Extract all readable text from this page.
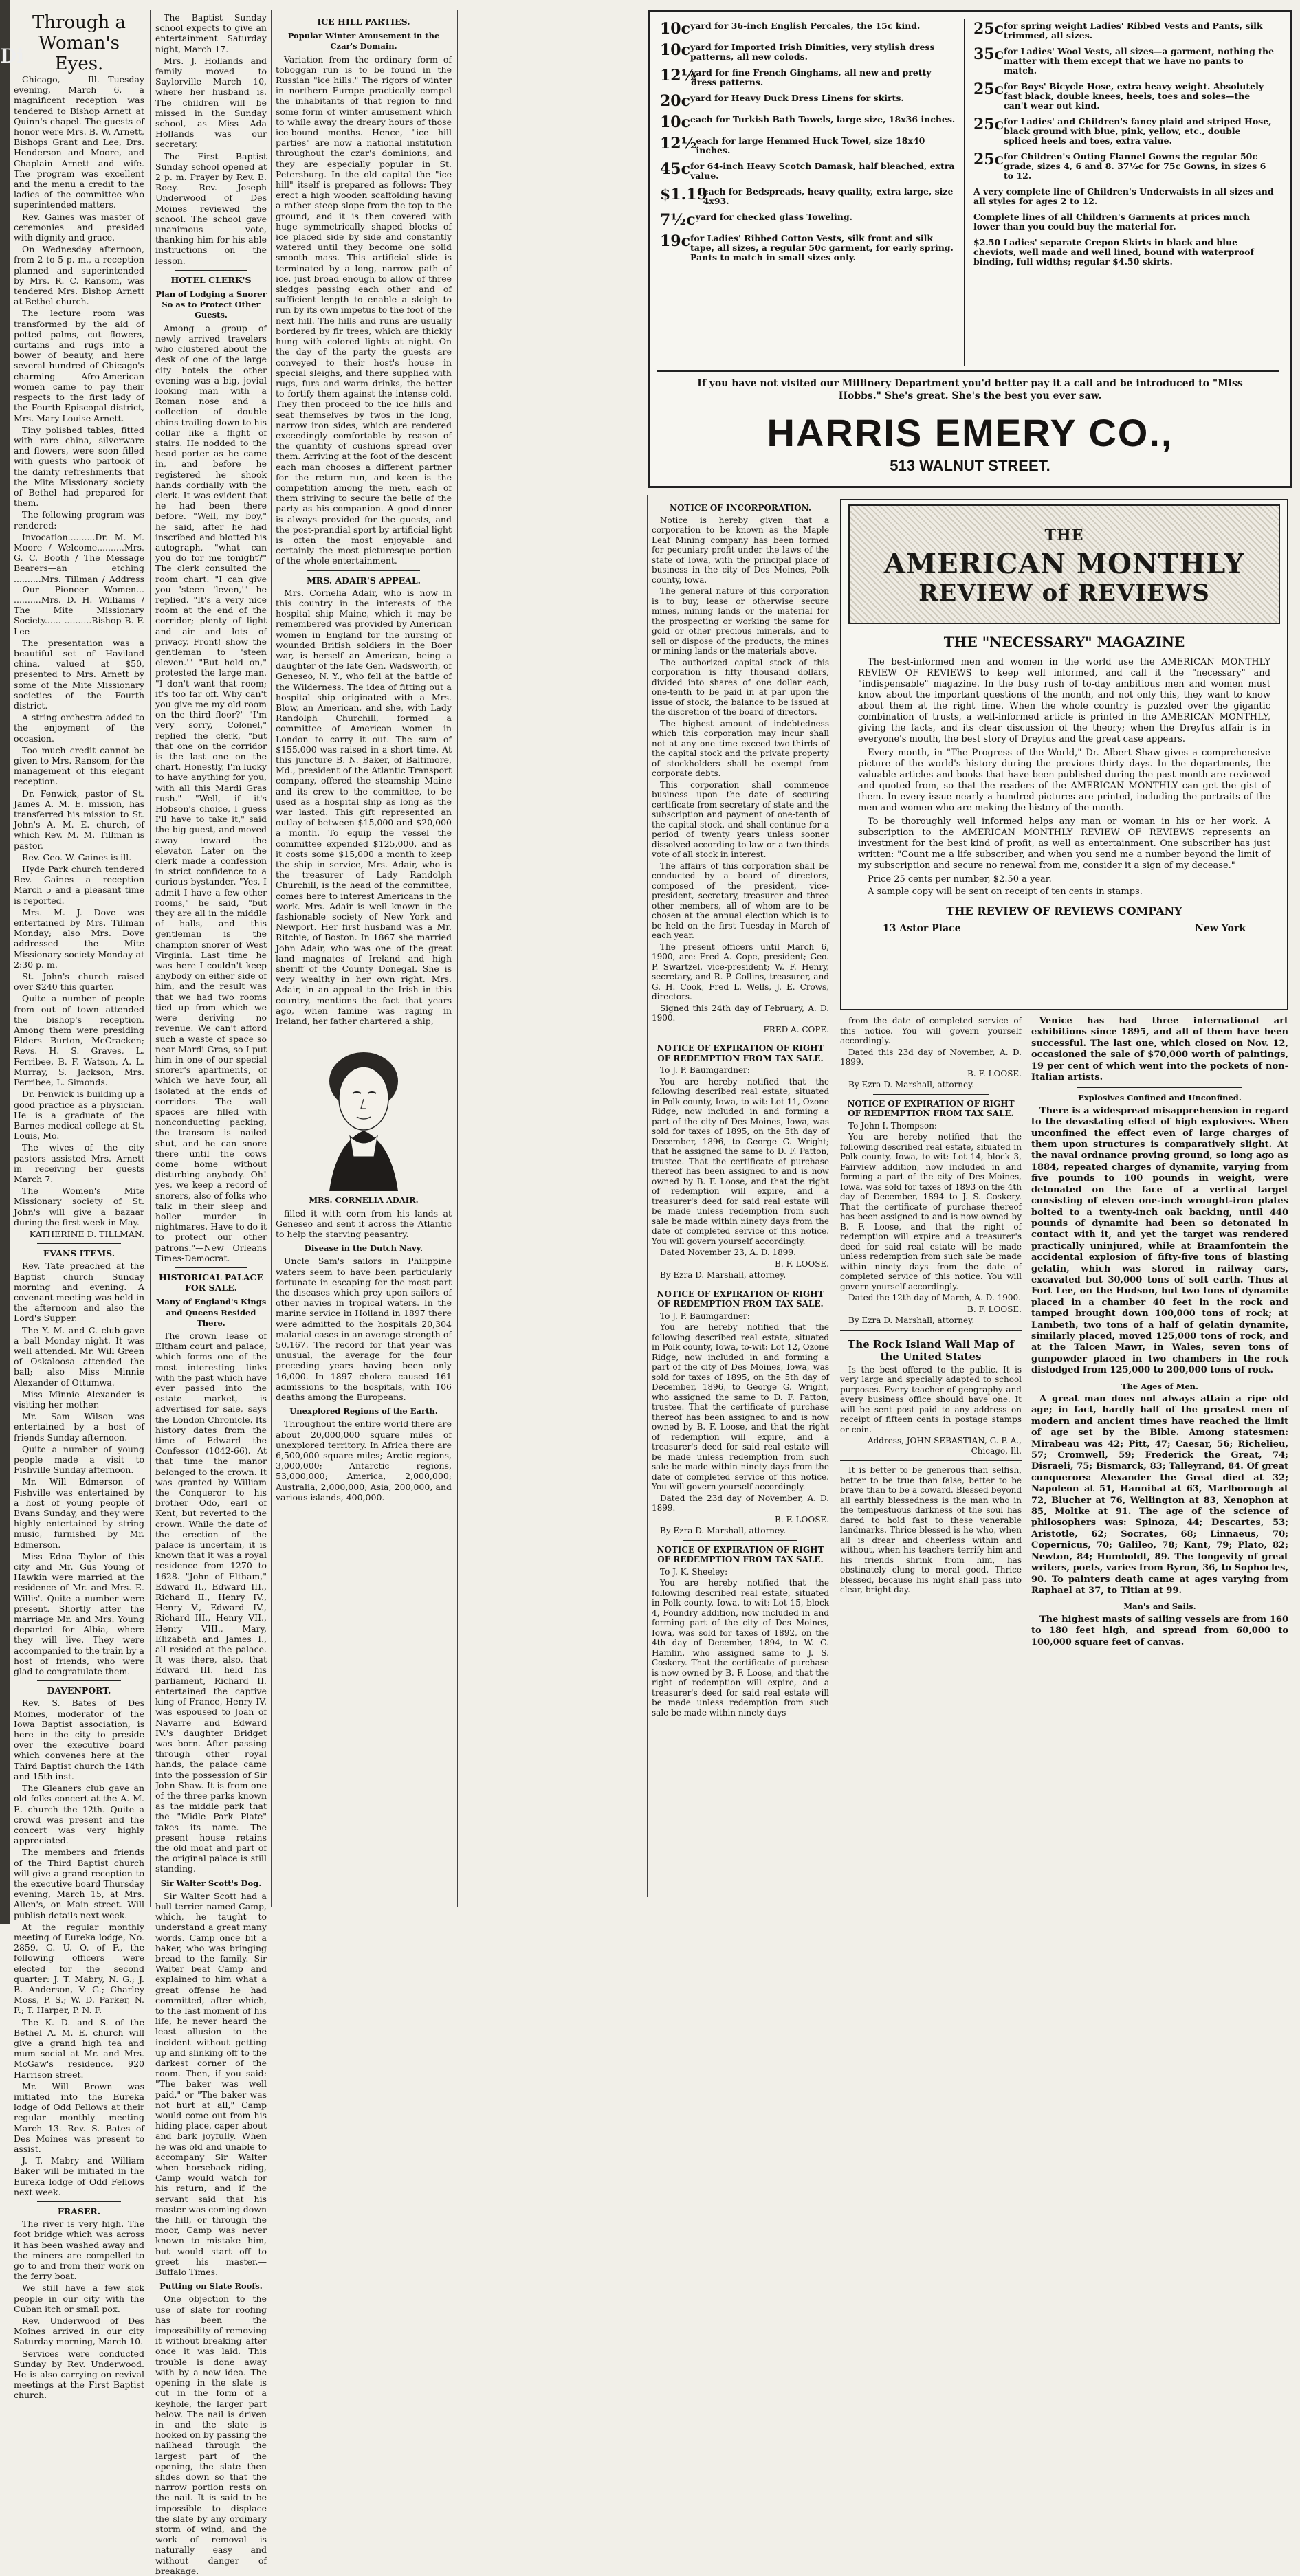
Di
Through a Woman's Eyes.

Chicago, Ill.—Tuesday evening, March 6, a magnificent reception was tendered to Bishop Arnett at Quinn's chapel. The guests of honor were Mrs. B. W. Arnett, Bishops Grant and Lee, Drs. Henderson and Moore, and Chaplain Arnett and wife. The program was excellent and the menu a credit to the ladies of the committee who superintended matters.

Rev. Gaines was master of ceremonies and presided with dignity and grace.

On Wednesday afternoon, from 2 to 5 p. m., a reception planned and superintended by Mrs. R. C. Ransom, was tendered Mrs. Bishop Arnett at Bethel church.

The lecture room was transformed by the aid of potted palms, cut flowers, curtains and rugs into a bower of beauty, and here several hundred of Chicago's charming Afro-American women came to pay their respects to the first lady of the Fourth Episcopal district, Mrs. Mary Louise Arnett.

Tiny polished tables, fitted with rare china, silverware and flowers, were soon filled with guests who partook of the dainty refreshments that the Mite Missionary society of Bethel had prepared for them.

The following program was rendered:

Invocation..........Dr. M. M. Moore / Welcome..........Mrs. G. C. Booth / The Message Bearers—an etching ..........Mrs. Tillman / Address—Our Pioneer Women... ..........Mrs. D. H. Williams / The Mite Missionary Society...... ..........Bishop B. F. Lee

The presentation was a beautiful set of Haviland china, valued at $50, presented to Mrs. Arnett by some of the Mite Missionary societies of the Fourth district.

A string orchestra added to the enjoyment of the occasion.

Too much credit cannot be given to Mrs. Ransom, for the management of this elegant reception.

Dr. Fenwick, pastor of St. James A. M. E. mission, has transferred his mission to St. John's A. M. E. church, of which Rev. M. M. Tillman is pastor.

Rev. Geo. W. Gaines is ill.

Hyde Park church tendered Rev. Gaines a reception March 5 and a pleasant time is reported.

Mrs. M. J. Dove was entertained by Mrs. Tillman Monday; also Mrs. Dove addressed the Mite Missionary society Monday at 2:30 p. m.

St. John's church raised over $240 this quarter.

Quite a number of people from out of town attended the bishop's reception. Among them were presiding Elders Burton, McCracken; Revs. H. S. Graves, L. Ferribee, B. F. Watson, A. L. Murray, S. Jackson, Mrs. Ferribee, L. Simonds.

Dr. Fenwick is building up a good practice as a physician. He is a graduate of the Barnes medical college at St. Louis, Mo.

The wives of the city pastors assisted Mrs. Arnett in receiving her guests March 7.

The Women's Mite Missionary society of St. John's will give a bazaar during the first week in May.

KATHERINE D. TILLMAN.

EVANS ITEMS.

Rev. Tate preached at the Baptist church Sunday morning and evening. A covenant meeting was held in the afternoon and also the Lord's Supper.

The Y. M. and C. club gave a ball Monday night. It was well attended. Mr. Will Green of Oskaloosa attended the ball; also Miss Minnie Alexander of Ottumwa.

Miss Minnie Alexander is visiting her mother.

Mr. Sam Wilson was entertained by a host of friends Sunday afternoon.

Quite a number of young people made a visit to Fishville Sunday afternoon.

Mr. Will Edmerson of Fishville was entertained by a host of young people of Evans Sunday, and they were highly entertained by string music, furnished by Mr. Edmerson.

Miss Edna Taylor of this city and Mr. Gus Young of Hawkin were married at the residence of Mr. and Mrs. E. Willis'. Quite a number were present. Shortly after the marriage Mr. and Mrs. Young departed for Albia, where they will live. They were accompanied to the train by a host of friends, who were glad to congratulate them.

DAVENPORT.

Rev. S. Bates of Des Moines, moderator of the Iowa Baptist association, is here in the city to preside over the executive board which convenes here at the Third Baptist church the 14th and 15th inst.

The Gleaners club gave an old folks concert at the A. M. E. church the 12th. Quite a crowd was present and the concert was very highly appreciated.

The members and friends of the Third Baptist church will give a grand reception to the executive board Thursday evening, March 15, at Mrs. Allen's, on Main street. Will publish details next week.

At the regular monthly meeting of Eureka lodge, No. 2859, G. U. O. of F., the following officers were elected for the second quarter: J. T. Mabry, N. G.; J. B. Anderson, V. G.; Charley Moss, P. S.; W. D. Parker, N. F.; T. Harper, P. N. F.

The K. D. and S. of the Bethel A. M. E. church will give a grand high tea and mum social at Mr. and Mrs. McGaw's residence, 920 Harrison street.

Mr. Will Brown was initiated into the Eureka lodge of Odd Fellows at their regular monthly meeting March 13. Rev. S. Bates of Des Moines was present to assist.

J. T. Mabry and William Baker will be initiated in the Eureka lodge of Odd Fellows next week.

FRASER.

The river is very high. The foot bridge which was across it has been washed away and the miners are compelled to go to and from their work on the ferry boat.

We still have a few sick people in our city with the Cuban itch or small pox.

Rev. Underwood of Des Moines arrived in our city Saturday morning, March 10.

Services were conducted Sunday by Rev. Underwood. He is also carrying on revival meetings at the First Baptist church.

The Baptist Sunday school expects to give an entertainment Saturday night, March 17.

Mrs. J. Hollands and family moved to Saylorville March 10, where her husband is. The children will be missed in the Sunday school, as Miss Ada Hollands was our secretary.

The First Baptist Sunday school opened at 2 p. m. Prayer by Rev. E. Roey. Rev. Joseph Underwood of Des Moines reviewed the school. The school gave unanimous vote, thanking him for his able instructions on the lesson.

HOTEL CLERK'S
Plan of Lodging a Snorer So as to Protect Other Guests.

Among a group of newly arrived travelers who clustered about the desk of one of the large city hotels the other evening was a big, jovial looking man with a Roman nose and a collection of double chins trailing down to his collar like a flight of stairs. He nodded to the head porter as he came in, and before he registered he shook hands cordially with the clerk. It was evident that he had been there before. "Well, my boy," he said, after he had inscribed and blotted his autograph, "what can you do for me tonight?" The clerk consulted the room chart. "I can give you 'steen 'leven,'" he replied. "It's a very nice room at the end of the corridor; plenty of light and air and lots of privacy. Front! show the gentleman to 'steen eleven.'" "But hold on," protested the large man. "I don't want that room; it's too far off. Why can't you give me my old room on the third floor?" "I'm very sorry, Colonel," replied the clerk, "but that one on the corridor is the last one on the chart. Honestly, I'm lucky to have anything for you, with all this Mardi Gras rush." "Well, if it's Hobson's choice, I guess I'll have to take it," said the big guest, and moved away toward the elevator. Later on the clerk made a confession in strict confidence to a curious bystander. "Yes, I admit I have a few other rooms," he said, "but they are all in the middle of halls, and this gentleman is the champion snorer of West Virginia. Last time he was here I couldn't keep anybody on either side of him, and the result was that we had two rooms tied up from which we were deriving no revenue. We can't afford such a waste of space so near Mardi Gras, so I put him in one of our special snorer's apartments, of which we have four, all isolated at the ends of corridors. The wall spaces are filled with nonconducting packing, the transom is nailed shut, and he can snore there until the cows come home without disturbing anybody. Oh! yes, we keep a record of snorers, also of folks who talk in their sleep and holler murder in nightmares. Have to do it to protect our other patrons."—New Orleans Times-Democrat.

HISTORICAL PALACE FOR SALE.
Many of England's Kings and Queens Resided There.

The crown lease of Eltham court and palace, which forms one of the most interesting links with the past which have ever passed into the estate market, is advertised for sale, says the London Chronicle. Its history dates from the time of Edward the Confessor (1042-66). At that time the manor belonged to the crown. It was granted by William the Conqueror to his brother Odo, earl of Kent, but reverted to the crown. While the date of the erection of the palace is uncertain, it is known that it was a royal residence from 1270 to 1628. "John of Eltham," Edward II., Edward III., Richard II., Henry IV., Henry V., Edward IV., Richard III., Henry VII., Henry VIII., Mary, Elizabeth and James I., all resided at the palace. It was there, also, that Edward III. held his parliament, Richard II. entertained the captive king of France, Henry IV. was espoused to Joan of Navarre and Edward IV.'s daughter Bridget was born. After passing through other royal hands, the palace came into the possession of Sir John Shaw. It is from one of the three parks known as the middle park that the "Midle Park Plate" takes its name. The present house retains the old moat and part of the original palace is still standing.

Sir Walter Scott's Dog.

Sir Walter Scott had a bull terrier named Camp, which, he taught to understand a great many words. Camp once bit a baker, who was bringing bread to the family. Sir Walter beat Camp and explained to him what a great offense he had committed, after which, to the last moment of his life, he never heard the least allusion to the incident without getting up and slinking off to the darkest corner of the room. Then, if you said: "The baker was well paid," or "The baker was not hurt at all," Camp would come out from his hiding place, caper about and bark joyfully. When he was old and unable to accompany Sir Walter when horseback riding, Camp would watch for his return, and if the servant said that his master was coming down the hill, or through the moor, Camp was never known to mistake him, but would start off to greet his master.—Buffalo Times.

Putting on Slate Roofs.

One objection to the use of slate for roofing has been the impossibility of removing it without breaking after once it was laid. This trouble is done away with by a new idea. The opening in the slate is cut in the form of a keyhole, the larger part below. The nail is driven in and the slate is hooked on by passing the nailhead through the largest part of the opening, the slate then slides down so that the narrow portion rests on the nail. It is said to be impossible to displace the slate by any ordinary storm of wind, and the work of removal is naturally easy and without danger of breakage.

ICE HILL PARTIES.
Popular Winter Amusement in the Czar's Domain.

Variation from the ordinary form of toboggan run is to be found in the Russian "ice hills." The rigors of winter in northern Europe practically compel the inhabitants of that region to find some form of winter amusement which to while away the dreary hours of those ice-bound months. Hence, "ice hill parties" are now a national institution throughout the czar's dominions, and they are especially popular in St. Petersburg. In the old capital the "ice hill" itself is prepared as follows: They erect a high wooden scaffolding having a rather steep slope from the top to the ground, and it is then covered with huge symmetrically shaped blocks of ice placed side by side and constantly watered until they become one solid smooth mass. This artificial slide is terminated by a long, narrow path of ice, just broad enough to allow of three sledges passing each other and of sufficient length to enable a sleigh to run by its own impetus to the foot of the next hill. The hills and runs are usually bordered by fir trees, which are thickly hung with colored lights at night. On the day of the party the guests are conveyed to their host's house in special sleighs, and there supplied with rugs, furs and warm drinks, the better to fortify them against the intense cold. They then proceed to the ice hills and seat themselves by twos in the long, narrow iron sides, which are rendered exceedingly comfortable by reason of the quantity of cushions spread over them. Arriving at the foot of the descent each man chooses a different partner for the return run, and keen is the competition among the men, each of them striving to secure the belle of the party as his companion. A good dinner is always provided for the guests, and the post-prandial sport by artificial light is often the most enjoyable and certainly the most picturesque portion of the whole entertainment.

MRS. ADAIR'S APPEAL.

Mrs. Cornelia Adair, who is now in this country in the interests of the hospital ship Maine, which it may be remembered was provided by American women in England for the nursing of wounded British soldiers in the Boer war, is herself an American, being a daughter of the late Gen. Wadsworth, of Geneseo, N. Y., who fell at the battle of the Wilderness. The idea of fitting out a hospital ship originated with a Mrs. Blow, an American, and she, with Lady Randolph Churchill, formed a committee of American women in London to carry it out. The sum of $155,000 was raised in a short time. At this juncture B. N. Baker, of Baltimore, Md., president of the Atlantic Transport company, offered the steamship Maine and its crew to the committee, to be used as a hospital ship as long as the war lasted. This gift represented an outlay of between $15,000 and $20,000 a month. To equip the vessel the committee expended $125,000, and as it costs some $15,000 a month to keep the ship in service, Mrs. Adair, who is the treasurer of Lady Randolph Churchill, is the head of the committee, comes here to interest Americans in the work. Mrs. Adair is well known in the fashionable society of New York and Newport. Her first husband was a Mr. Ritchie, of Boston. In 1867 she married John Adair, who was one of the great land magnates of Ireland and high sheriff of the County Donegal. She is very wealthy in her own right. Mrs. Adair, in an appeal to the Irish in this country, mentions the fact that years ago, when famine was raging in Ireland, her father chartered a ship,

MRS. CORNELIA ADAIR.

filled it with corn from his lands at Geneseo and sent it across the Atlantic to help the starving peasantry.

Disease in the Dutch Navy.

Uncle Sam's sailors in Philippine waters seem to have been particularly fortunate in escaping for the most part the diseases which prey upon sailors of other navies in tropical waters. In the marine service in Holland in 1897 there were admitted to the hospitals 20,304 malarial cases in an average strength of 50,167. The record for that year was unusual, the average for the four preceding years having been only 16,000. In 1897 cholera caused 161 admissions to the hospitals, with 106 deaths among the Europeans.

Unexplored Regions of the Earth.

Throughout the entire world there are about 20,000,000 square miles of unexplored territory. In Africa there are 6,500,000 square miles; Arctic regions, 3,000,000; Antarctic regions, 53,000,000; America, 2,000,000; Australia, 2,000,000; Asia, 200,000, and various islands, 400,000.

10c yard for 36-inch English Percales, the 15c kind.
10c yard for Imported Irish Dimities, very stylish dress patterns, all new colods.
12½
yard for fine French Ginghams, all new and pretty dress patterns.
20c yard for Heavy Duck Dress Linens for skirts.
10c each for Turkish Bath Towels, large size, 18x36 inches.
12½
each for large Hemmed Huck Towel, size 18x40 inches.
45c for 64-inch Heavy Scotch Damask, half bleached, extra value.
$1.19
each for Bedspreads, heavy quality, extra large, size 4x93.
7½c yard for checked glass Toweling.
19c for Ladies' Ribbed Cotton Vests, silk front and silk tape, all sizes, a regular 50c garment, for early spring. Pants to match in small sizes only.
25c for spring weight Ladies' Ribbed Vests and Pants, silk trimmed, all sizes.
35c for Ladies' Wool Vests, all sizes—a garment, nothing the matter with them except that we have no pants to match.
25c for Boys' Bicycle Hose, extra heavy weight. Absolutely fast black, double knees, heels, toes and soles—the can't wear out kind.
25c for Ladies' and Children's fancy plaid and striped Hose, black ground with blue, pink, yellow, etc., double spliced heels and toes, extra value.
25c for Children's Outing Flannel Gowns the regular 50c grade, sizes 4, 6 and 8. 37½c for 75c Gowns, in sizes 6 to 12.
A very complete line of Children's Underwaists in all sizes and all styles for ages 2 to 12.
Complete lines of all Children's Garments at prices much lower than you could buy the material for.
$2.50 Ladies' separate Crepon Skirts in black and blue cheviots, well made and well lined, bound with waterproof binding, full widths; regular $4.50 skirts.
If you have not visited our Millinery Department you'd better pay it a call and be introduced to "Miss Hobbs." She's great. She's the best you ever saw.
HARRIS EMERY CO.,
513 WALNUT STREET.
NOTICE OF INCORPORATION.

Notice is hereby given that a corporation to be known as the Maple Leaf Mining company has been formed for pecuniary profit under the laws of the state of Iowa, with the principal place of business in the city of Des Moines, Polk county, Iowa.

The general nature of this corporation is to buy, lease or otherwise secure mines, mining lands or the material for the prospecting or working the same for gold or other precious minerals, and to sell or dispose of the products, the mines or mining lands or the materials above.

The authorized capital stock of this corporation is fifty thousand dollars, divided into shares of one dollar each, one-tenth to be paid in at par upon the issue of stock, the balance to be issued at the discretion of the board of directors.

The highest amount of indebtedness which this corporation may incur shall not at any one time exceed two-thirds of the capital stock and the private property of stockholders shall be exempt from corporate debts.

This corporation shall commence business upon the date of securing certificate from secretary of state and the subscription and payment of one-tenth of the capital stock, and shall continue for a period of twenty years unless sooner dissolved according to law or a two-thirds vote of all stock in interest.

The affairs of this corporation shall be conducted by a board of directors, composed of the president, vice-president, secretary, treasurer and three other members, all of whom are to be chosen at the annual election which is to be held on the first Tuesday in March of each year.

The present officers until March 6, 1900, are: Fred A. Cope, president; Geo. P. Swartzel, vice-president; W. F. Henry, secretary, and R. P. Collins, treasurer, and G. H. Cook, Fred L. Wells, J. E. Crows, directors.

Signed this 24th day of February, A. D. 1900.

FRED A. COPE.

NOTICE OF EXPIRATION OF RIGHT OF REDEMPTION FROM TAX SALE.

To J. P. Baumgardner:

You are hereby notified that the following described real estate, situated in Polk county, Iowa, to-wit: Lot 11, Ozone Ridge, now included in and forming a part of the city of Des Moines, Iowa, was sold for taxes of 1895, on the 5th day of December, 1896, to George G. Wright; that he assigned the same to D. F. Patton, trustee. That the certificate of purchase thereof has been assigned to and is now owned by B. F. Loose, and that the right of redemption will expire, and a treasurer's deed for said real estate will be made unless redemption from such sale be made within ninety days from the date of completed service of this notice. You will govern yourself accordingly.

Dated November 23, A. D. 1899.

B. F. LOOSE.

By Ezra D. Marshall, attorney.

NOTICE OF EXPIRATION OF RIGHT OF REDEMPTION FROM TAX SALE.

To J. P. Baumgardner:

You are hereby notified that the following described real estate, situated in Polk county, Iowa, to-wit: Lot 12, Ozone Ridge, now included in and forming a part of the city of Des Moines, Iowa, was sold for taxes of 1895, on the 5th day of December, 1896, to George G. Wright, who assigned the same to D. F. Patton, trustee. That the certificate of purchase thereof has been assigned to and is now owned by B. F. Loose, and that the right of redemption will expire, and a treasurer's deed for said real estate will be made unless redemption from such sale be made within ninety days from the date of completed service of this notice. You will govern yourself accordingly.

Dated the 23d day of November, A. D. 1899.

B. F. LOOSE.

By Ezra D. Marshall, attorney.

NOTICE OF EXPIRATION OF RIGHT OF REDEMPTION FROM TAX SALE.

To J. K. Sheeley:

You are hereby notified that the following described real estate, situated in Polk county, Iowa, to-wit: Lot 15, block 4, Foundry addition, now included in and forming part of the city of Des Moines, Iowa, was sold for taxes of 1892, on the 4th day of December, 1894, to W. G. Hamlin, who assigned same to J. S. Coskery. That the certificate of purchase is now owned by B. F. Loose, and that the right of redemption will expire, and a treasurer's deed for said real estate will be made unless redemption from such sale be made within ninety days

THE
AMERICAN MONTHLY
REVIEW of REVIEWS
THE "NECESSARY" MAGAZINE

The best-informed men and women in the world use the AMERICAN MONTHLY REVIEW OF REVIEWS to keep well informed, and call it the "necessary" and "indispensable" magazine. In the busy rush of to-day ambitious men and women must know about the important questions of the month, and not only this, they want to know about them at the right time. When the whole country is puzzled over the gigantic combination of trusts, a well-informed article is printed in the AMERICAN MONTHLY, giving the facts, and its clear discussion of the theory; when the Dreyfus affair is in everyone's mouth, the best story of Dreyfus and the great case appears.

Every month, in "The Progress of the World," Dr. Albert Shaw gives a comprehensive picture of the world's history during the previous thirty days. In the departments, the valuable articles and books that have been published during the past month are reviewed and quoted from, so that the readers of the AMERICAN MONTHLY can get the gist of them. In every issue nearly a hundred pictures are printed, including the portraits of the men and women who are making the history of the month.

To be thoroughly well informed helps any man or woman in his or her work. A subscription to the AMERICAN MONTHLY REVIEW OF REVIEWS represents an investment for the best kind of profit, as well as entertainment. One subscriber has just written: "Count me a life subscriber, and when you send me a number beyond the limit of my subscription and secure no renewal from me, consider it a sign of my decease."

Price 25 cents per number, $2.50 a year.

A sample copy will be sent on receipt of ten cents in stamps.

THE REVIEW OF REVIEWS COMPANY
13 Astor Place	New York

from the date of completed service of this notice. You will govern yourself accordingly.

Dated this 23d day of November, A. D. 1899.

B. F. LOOSE.

By Ezra D. Marshall, attorney.

NOTICE OF EXPIRATION OF RIGHT OF REDEMPTION FROM TAX SALE.

To John I. Thompson:

You are hereby notified that the following described real estate, situated in Polk county, Iowa, to-wit: Lot 14, block 3, Fairview addition, now included in and forming a part of the city of Des Moines, Iowa, was sold for taxes of 1893 on the 4th day of December, 1894 to J. S. Coskery. That the certificate of purchase thereof has been assigned to and is now owned by B. F. Loose, and that the right of redemption will expire and a treasurer's deed for said real estate will be made unless redemption from such sale be made within ninety days from the date of completed service of this notice. You will govern yourself accordingly.

Dated the 12th day of March, A. D. 1900.

B. F. LOOSE.

By Ezra D. Marshall, attorney.

The Rock Island Wall Map of the United States

Is the best offered to the public. It is very large and specially adapted to school purposes. Every teacher of geography and every business office should have one. It will be sent post paid to any address on receipt of fifteen cents in postage stamps or coin.

Address, JOHN SEBASTIAN, G. P. A., Chicago, Ill.

It is better to be generous than selfish, better to be true than false, better to be brave than to be a coward. Blessed beyond all earthly blessedness is the man who in the tempestuous darkness of the soul has dared to hold fast to these venerable landmarks. Thrice blessed is he who, when all is drear and cheerless within and without, when his teachers terrify him and his friends shrink from him, has obstinately clung to moral good. Thrice blessed, because his night shall pass into clear, bright day.

Venice has had three international art exhibitions since 1895, and all of them have been successful. The last one, which closed on Nov. 12, occasioned the sale of $70,000 worth of paintings, 19 per cent of which went into the pockets of non-Italian artists.

Explosives Confined and Unconfined.

There is a widespread misapprehension in regard to the devastating effect of high explosives. When unconfined the effect even of large charges of them upon structures is comparatively slight. At the naval ordnance proving ground, so long ago as 1884, repeated charges of dynamite, varying from five pounds to 100 pounds in weight, were detonated on the face of a vertical target consisting of eleven one-inch wrought-iron plates bolted to a twenty-inch oak backing, until 440 pounds of dynamite had been so detonated in contact with it, and yet the target was rendered practically uninjured, while at Braamfontein the accidental explosion of fifty-five tons of blasting gelatin, which was stored in railway cars, excavated but 30,000 tons of soft earth. Thus at Fort Lee, on the Hudson, but two tons of dynamite placed in a chamber 40 feet in the rock and tamped brought down 100,000 tons of rock; at Lambeth, two tons of a half of gelatin dynamite, similarly placed, moved 125,000 tons of rock, and at the Talcen Mawr, in Wales, seven tons of gunpowder placed in two chambers in the rock dislodged from 125,000 to 200,000 tons of rock.

The Ages of Men.

A great man does not always attain a ripe old age; in fact, hardly half of the greatest men of modern and ancient times have reached the limit of age set by the Bible. Among statesmen: Mirabeau was 42; Pitt, 47; Caesar, 56; Richelieu, 57; Cromwell, 59; Frederick the Great, 74; Disraeli, 75; Bismarck, 83; Talleyrand, 84. Of great conquerors: Alexander the Great died at 32; Napoleon at 51, Hannibal at 63, Marlborough at 72, Blucher at 76, Wellington at 83, Xenophon at 85, Moltke at 91. The age of the science of philosophers was: Spinoza, 44; Descartes, 53; Aristotle, 62; Socrates, 68; Linnaeus, 70; Copernicus, 70; Galileo, 78; Kant, 79; Plato, 82; Newton, 84; Humboldt, 89. The longevity of great writers, poets, varies from Byron, 36, to Sophocles, 90. To painters death came at ages varying from Raphael at 37, to Titian at 99.

Man's and Sails.

The highest masts of sailing vessels are from 160 to 180 feet high, and spread from 60,000 to 100,000 square feet of canvas.
